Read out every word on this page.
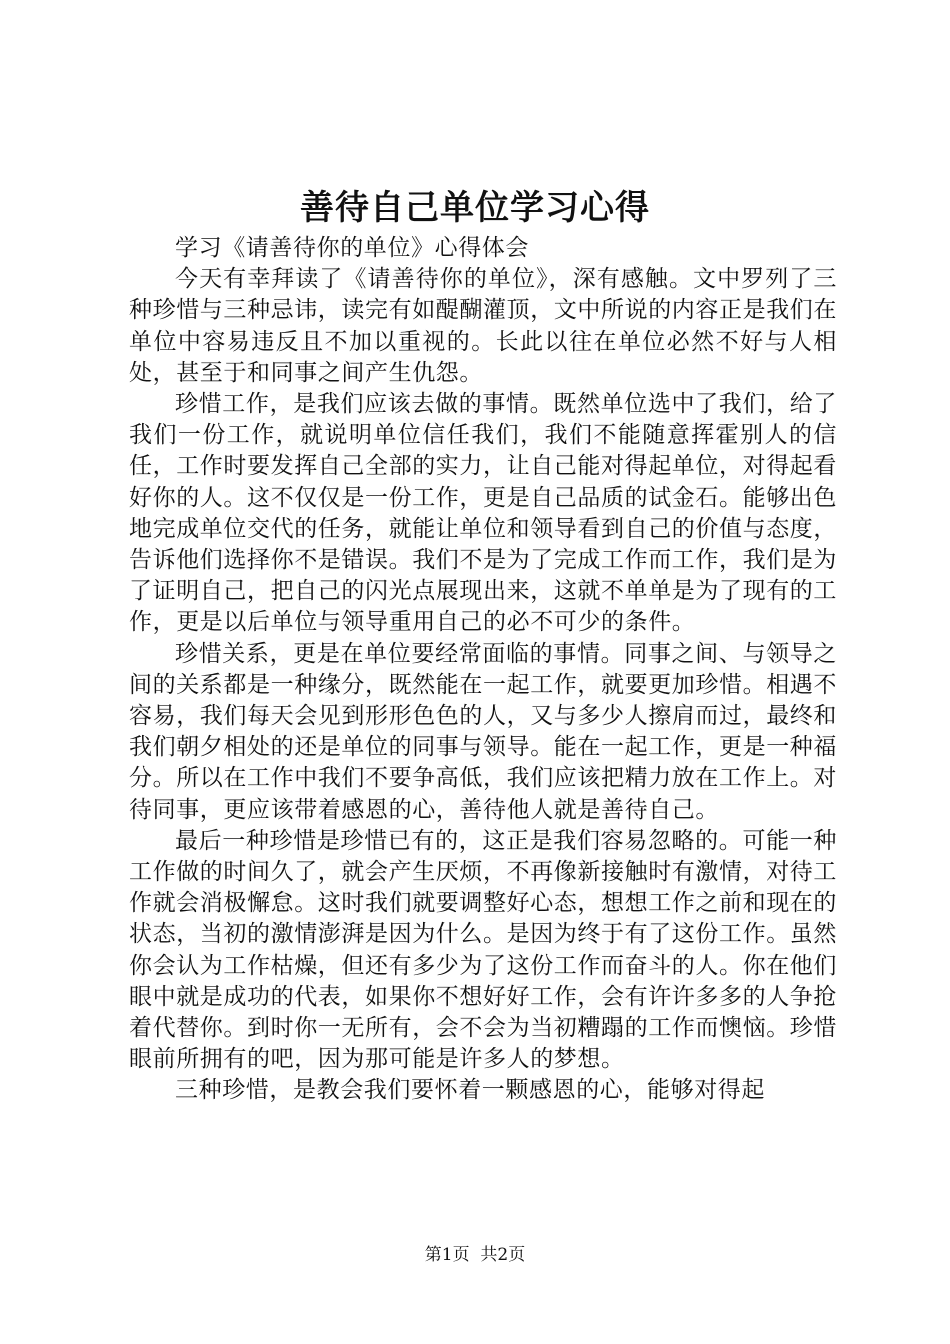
善待自己单位学习心得

学习《请善待你的单位》心得体会

今天有幸拜读了《请善待你的单位》，深有感触。文中罗列了三种珍惜与三种忌讳，读完有如醍醐灌顶，文中所说的内容正是我们在单位中容易违反且不加以重视的。长此以往在单位必然不好与人相处，甚至于和同事之间产生仇怨。

珍惜工作，是我们应该去做的事情。既然单位选中了我们，给了我们一份工作，就说明单位信任我们，我们不能随意挥霍别人的信任，工作时要发挥自己全部的实力，让自己能对得起单位，对得起看好你的人。这不仅仅是一份工作，更是自己品质的试金石。能够出色地完成单位交代的任务，就能让单位和领导看到自己的价值与态度，告诉他们选择你不是错误。我们不是为了完成工作而工作，我们是为了证明自己，把自己的闪光点展现出来，这就不单单是为了现有的工作，更是以后单位与领导重用自己的必不可少的条件。

珍惜关系，更是在单位要经常面临的事情。同事之间、与领导之间的关系都是一种缘分，既然能在一起工作，就要更加珍惜。相遇不容易，我们每天会见到形形色色的人，又与多少人擦肩而过，最终和我们朝夕相处的还是单位的同事与领导。能在一起工作，更是一种福分。所以在工作中我们不要争高低，我们应该把精力放在工作上。对待同事，更应该带着感恩的心，善待他人就是善待自己。

最后一种珍惜是珍惜已有的，这正是我们容易忽略的。可能一种工作做的时间久了，就会产生厌烦，不再像新接触时有激情，对待工作就会消极懈怠。这时我们就要调整好心态，想想工作之前和现在的状态，当初的激情澎湃是因为什么。是因为终于有了这份工作。虽然你会认为工作枯燥，但还有多少为了这份工作而奋斗的人。你在他们眼中就是成功的代表，如果你不想好好工作，会有许许多多的人争抢着代替你。到时你一无所有，会不会为当初糟蹋的工作而懊恼。珍惜眼前所拥有的吧，因为那可能是许多人的梦想。

三种珍惜，是教会我们要怀着一颗感恩的心，能够对得起

第1页 共2页
